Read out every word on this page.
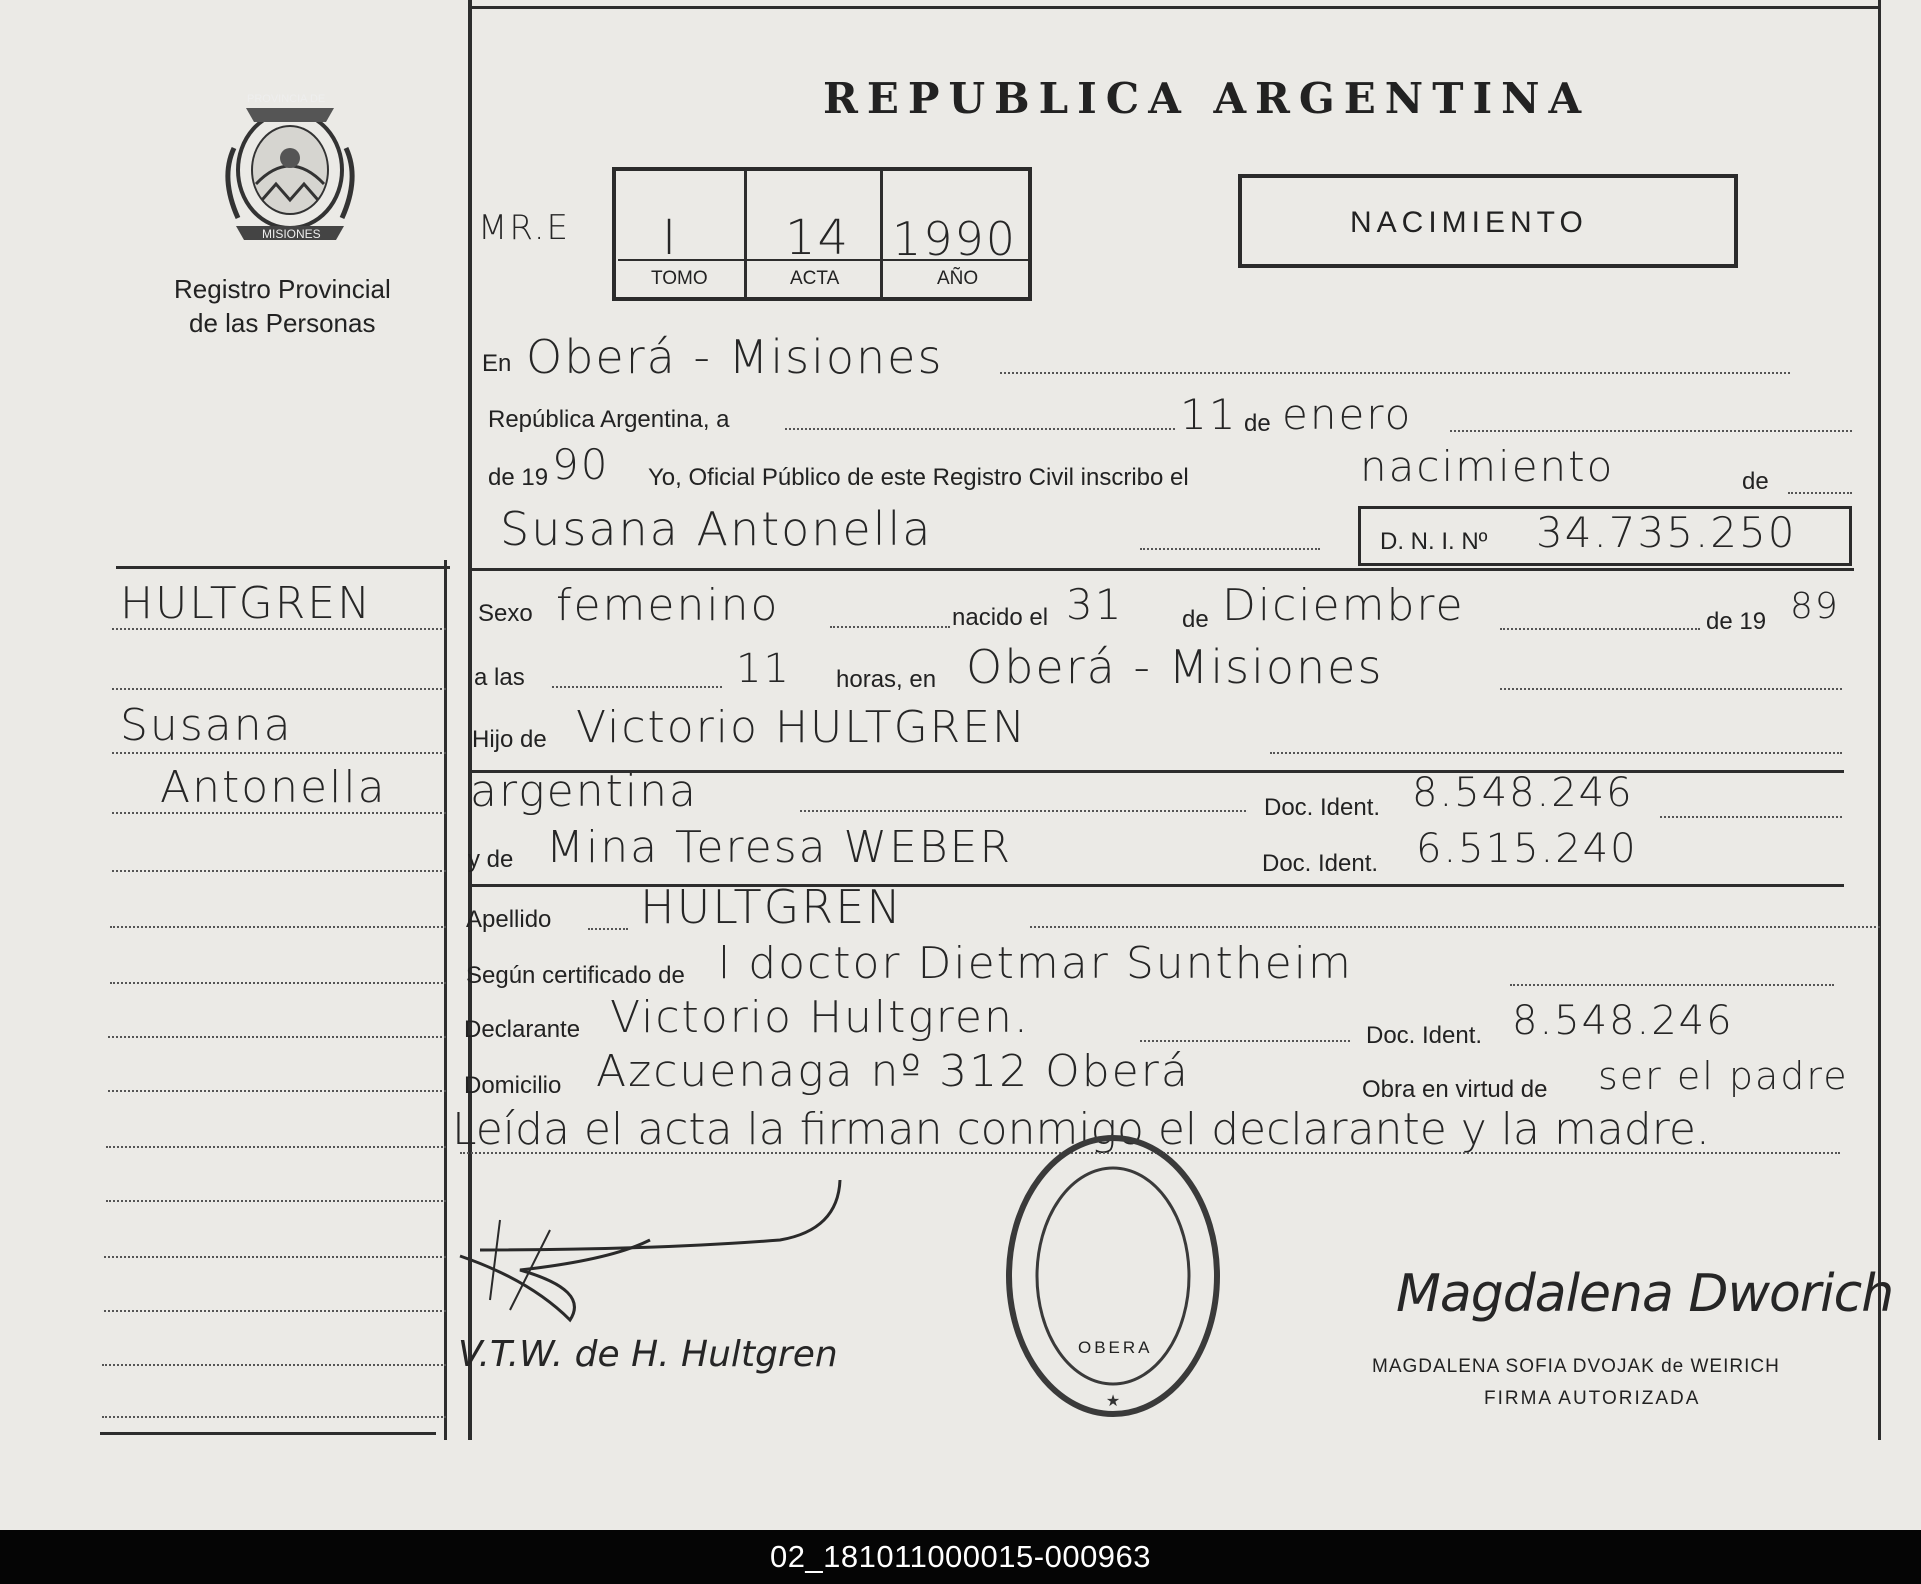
PROVINCIA DE
MISIONES
Registro Provincial
de las Personas
REPUBLICA ARGENTINA
I 14 1990
TOMO	ACTA	AÑO
MR.E	NACIMIENTO
En Oberá - Misiones
República Argentina, a	11 de enero
de 19 90 Yo, Oficial Público de este Registro Civil inscribo el	nacimiento	de
Susana Antonella	D. N. I. Nº 34.735.250
HULTGREN
Susana
Antonella
Sexo femenino	nacido el 31 de Diciembre	de 19 89
a las	11 horas, en Oberá - Misiones
Hijo de Victorio HULTGREN
argentina	Doc. Ident. 8.548.246
y de Mina Teresa WEBER	Doc. Ident. 6.515.240
Apellido HULTGREN
Según certificado de l doctor Dietmar Suntheim
Declarante Victorio Hultgren.	Doc. Ident. 8.548.246
Domicilio Azcuenaga nº 312 Oberá	Obra en virtud de ser el padre
Leída el acta la firman conmigo el declarante y la madre.
V.T.W. de H. Hultgren
★
OBERA
Magdalena Dworich
MAGDALENA SOFIA DVOJAK de WEIRICH
FIRMA AUTORIZADA
02_181011000015-000963
